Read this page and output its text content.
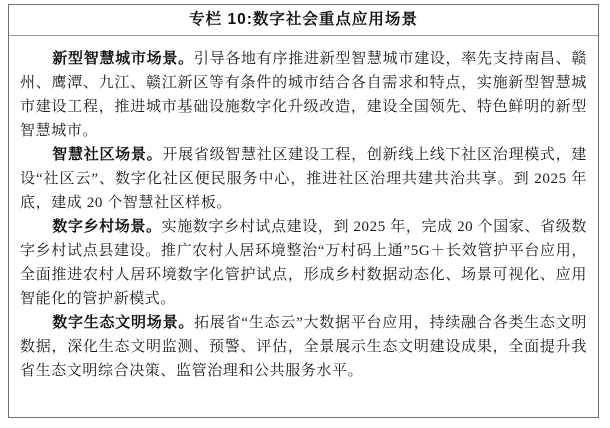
专栏 10:数字社会重点应用场景

新型智慧城市场景。引导各地有序推进新型智慧城市建设，率先支持南昌、赣州、鹰潭、九江、赣江新区等有条件的城市结合各自需求和特点，实施新型智慧城市建设工程，推进城市基础设施数字化升级改造，建设全国领先、特色鲜明的新型智慧城市。

智慧社区场景。开展省级智慧社区建设工程，创新线上线下社区治理模式，建设“社区云”、数字化社区便民服务中心，推进社区治理共建共治共享。到 2025 年底，建成 20 个智慧社区样板。

数字乡村场景。实施数字乡村试点建设，到 2025 年，完成 20 个国家、省级数字乡村试点县建设。推广农村人居环境整治“万村码上通”5G＋长效管护平台应用，全面推进农村人居环境数字化管护试点，形成乡村数据动态化、场景可视化、应用智能化的管护新模式。

数字生态文明场景。拓展省“生态云”大数据平台应用，持续融合各类生态文明数据，深化生态文明监测、预警、评估，全景展示生态文明建设成果，全面提升我省生态文明综合决策、监管治理和公共服务水平。
